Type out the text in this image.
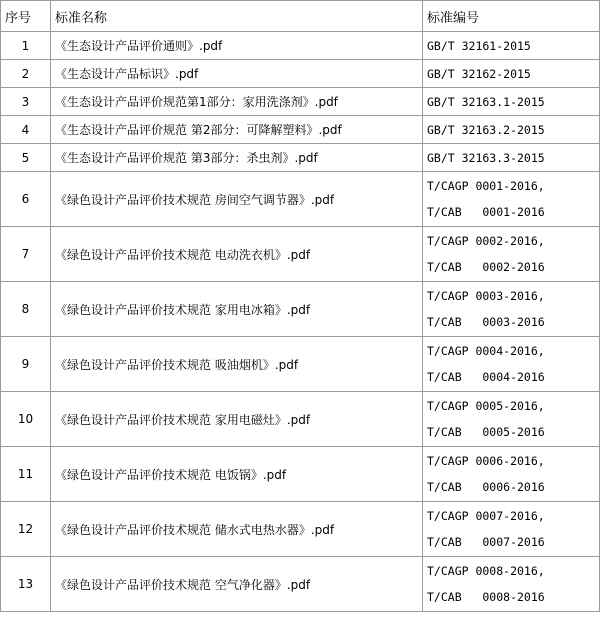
序号	标准名称	标准编号
1	《生态设计产品评价通则》.pdf	GB/T 32161-2015

2	《生态设计产品标识》.pdf	GB/T 32162-2015

3	《生态设计产品评价规范第1部分：家用洗涤剂》.pdf	GB/T 32163.1-2015

4	《生态设计产品评价规范 第2部分：可降解塑料》.pdf	GB/T 32163.2-2015

5	《生态设计产品评价规范 第3部分：杀虫剂》.pdf	GB/T 32163.3-2015

6	《绿色设计产品评价技术规范 房间空气调节器》.pdf	T/CAGP 0001-2016,
T/CAB   0001-2016

7	《绿色设计产品评价技术规范 电动洗衣机》.pdf	T/CAGP 0002-2016,
T/CAB   0002-2016

8	《绿色设计产品评价技术规范 家用电冰箱》.pdf	T/CAGP 0003-2016,
T/CAB   0003-2016

9	《绿色设计产品评价技术规范 吸油烟机》.pdf	T/CAGP 0004-2016,
T/CAB   0004-2016

10	《绿色设计产品评价技术规范 家用电磁灶》.pdf	T/CAGP 0005-2016,
T/CAB   0005-2016

11	《绿色设计产品评价技术规范 电饭锅》.pdf	T/CAGP 0006-2016,
T/CAB   0006-2016

12	《绿色设计产品评价技术规范 储水式电热水器》.pdf	T/CAGP 0007-2016,
T/CAB   0007-2016

13	《绿色设计产品评价技术规范 空气净化器》.pdf	T/CAGP 0008-2016,
T/CAB   0008-2016
